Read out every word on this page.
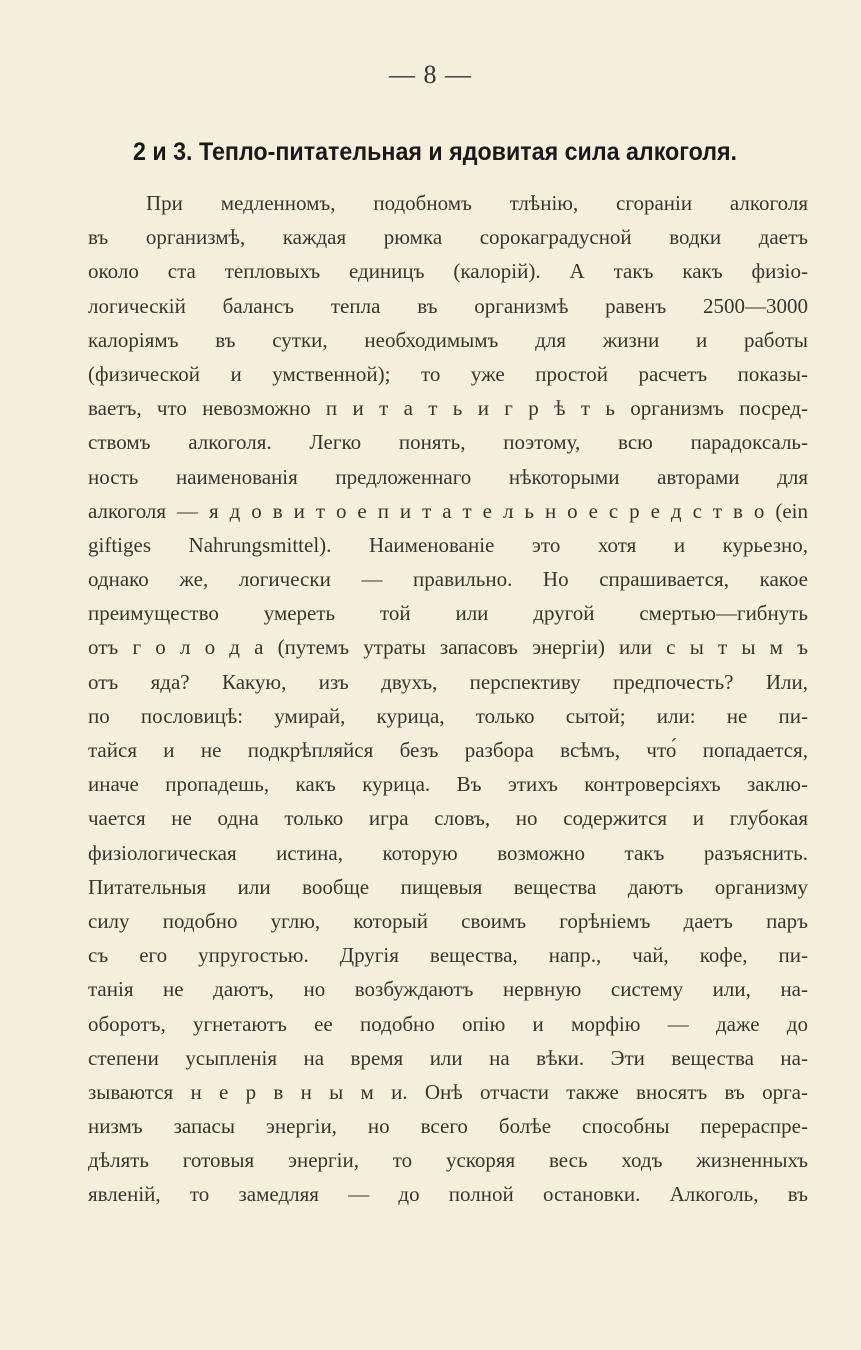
— 8 —
2 и 3. Тепло-питательная и ядовитая сила алкоголя.
При медленномъ, подобномъ тлѣнію, сгораніи алкоголя
въ организмѣ, каждая рюмка сорокаградусной водки даетъ
около ста тепловыхъ единицъ (калорій). А такъ какъ физіо-
логическій балансъ тепла въ организмѣ равенъ 2500—3000
калоріямъ въ сутки, необходимымъ для жизни и работы
(физической и умственной); то уже простой расчетъ показы-
ваетъ, что невозможно п и т а т ь и г р ѣ т ь организмъ посред-
ствомъ алкоголя. Легко понять, поэтому, всю парадоксаль-
ность наименованія предложеннаго нѣкоторыми авторами для
алкоголя — я д о в и т о е п и т а т е л ь н о е с р е д с т в о (ein
giftiges Nahrungsmittel). Наименованіе это хотя и курьезно,
однако же, логически — правильно. Но спрашивается, какое
преимущество умереть той или другой смертью—гибнуть
отъ г о л о д а (путемъ утраты запасовъ энергіи) или с ы т ы м ъ
отъ яда? Какую, изъ двухъ, перспективу предпочесть? Или,
по пословицѣ: умирай, курица, только сытой; или: не пи-
тайся и не подкрѣпляйся безъ разбора всѣмъ, что́ попадается,
иначе пропадешь, какъ курица. Въ этихъ контроверсіяхъ заклю-
чается не одна только игра словъ, но содержится и глубокая
физіологическая истина, которую возможно такъ разъяснить.
Питательныя или вообще пищевыя вещества даютъ организму
силу подобно углю, который своимъ горѣніемъ даетъ паръ
съ его упругостью. Другія вещества, напр., чай, кофе, пи-
танія не даютъ, но возбуждаютъ нервную систему или, на-
оборотъ, угнетаютъ ее подобно опію и морфію — даже до
степени усыпленія на время или на вѣки. Эти вещества на-
зываются н е р в н ы м и. Онѣ отчасти также вносятъ въ орга-
низмъ запасы энергіи, но всего болѣе способны перераспре-
дѣлять готовыя энергіи, то ускоряя весь ходъ жизненныхъ
явленій, то замедляя — до полной остановки. Алкоголь, въ
